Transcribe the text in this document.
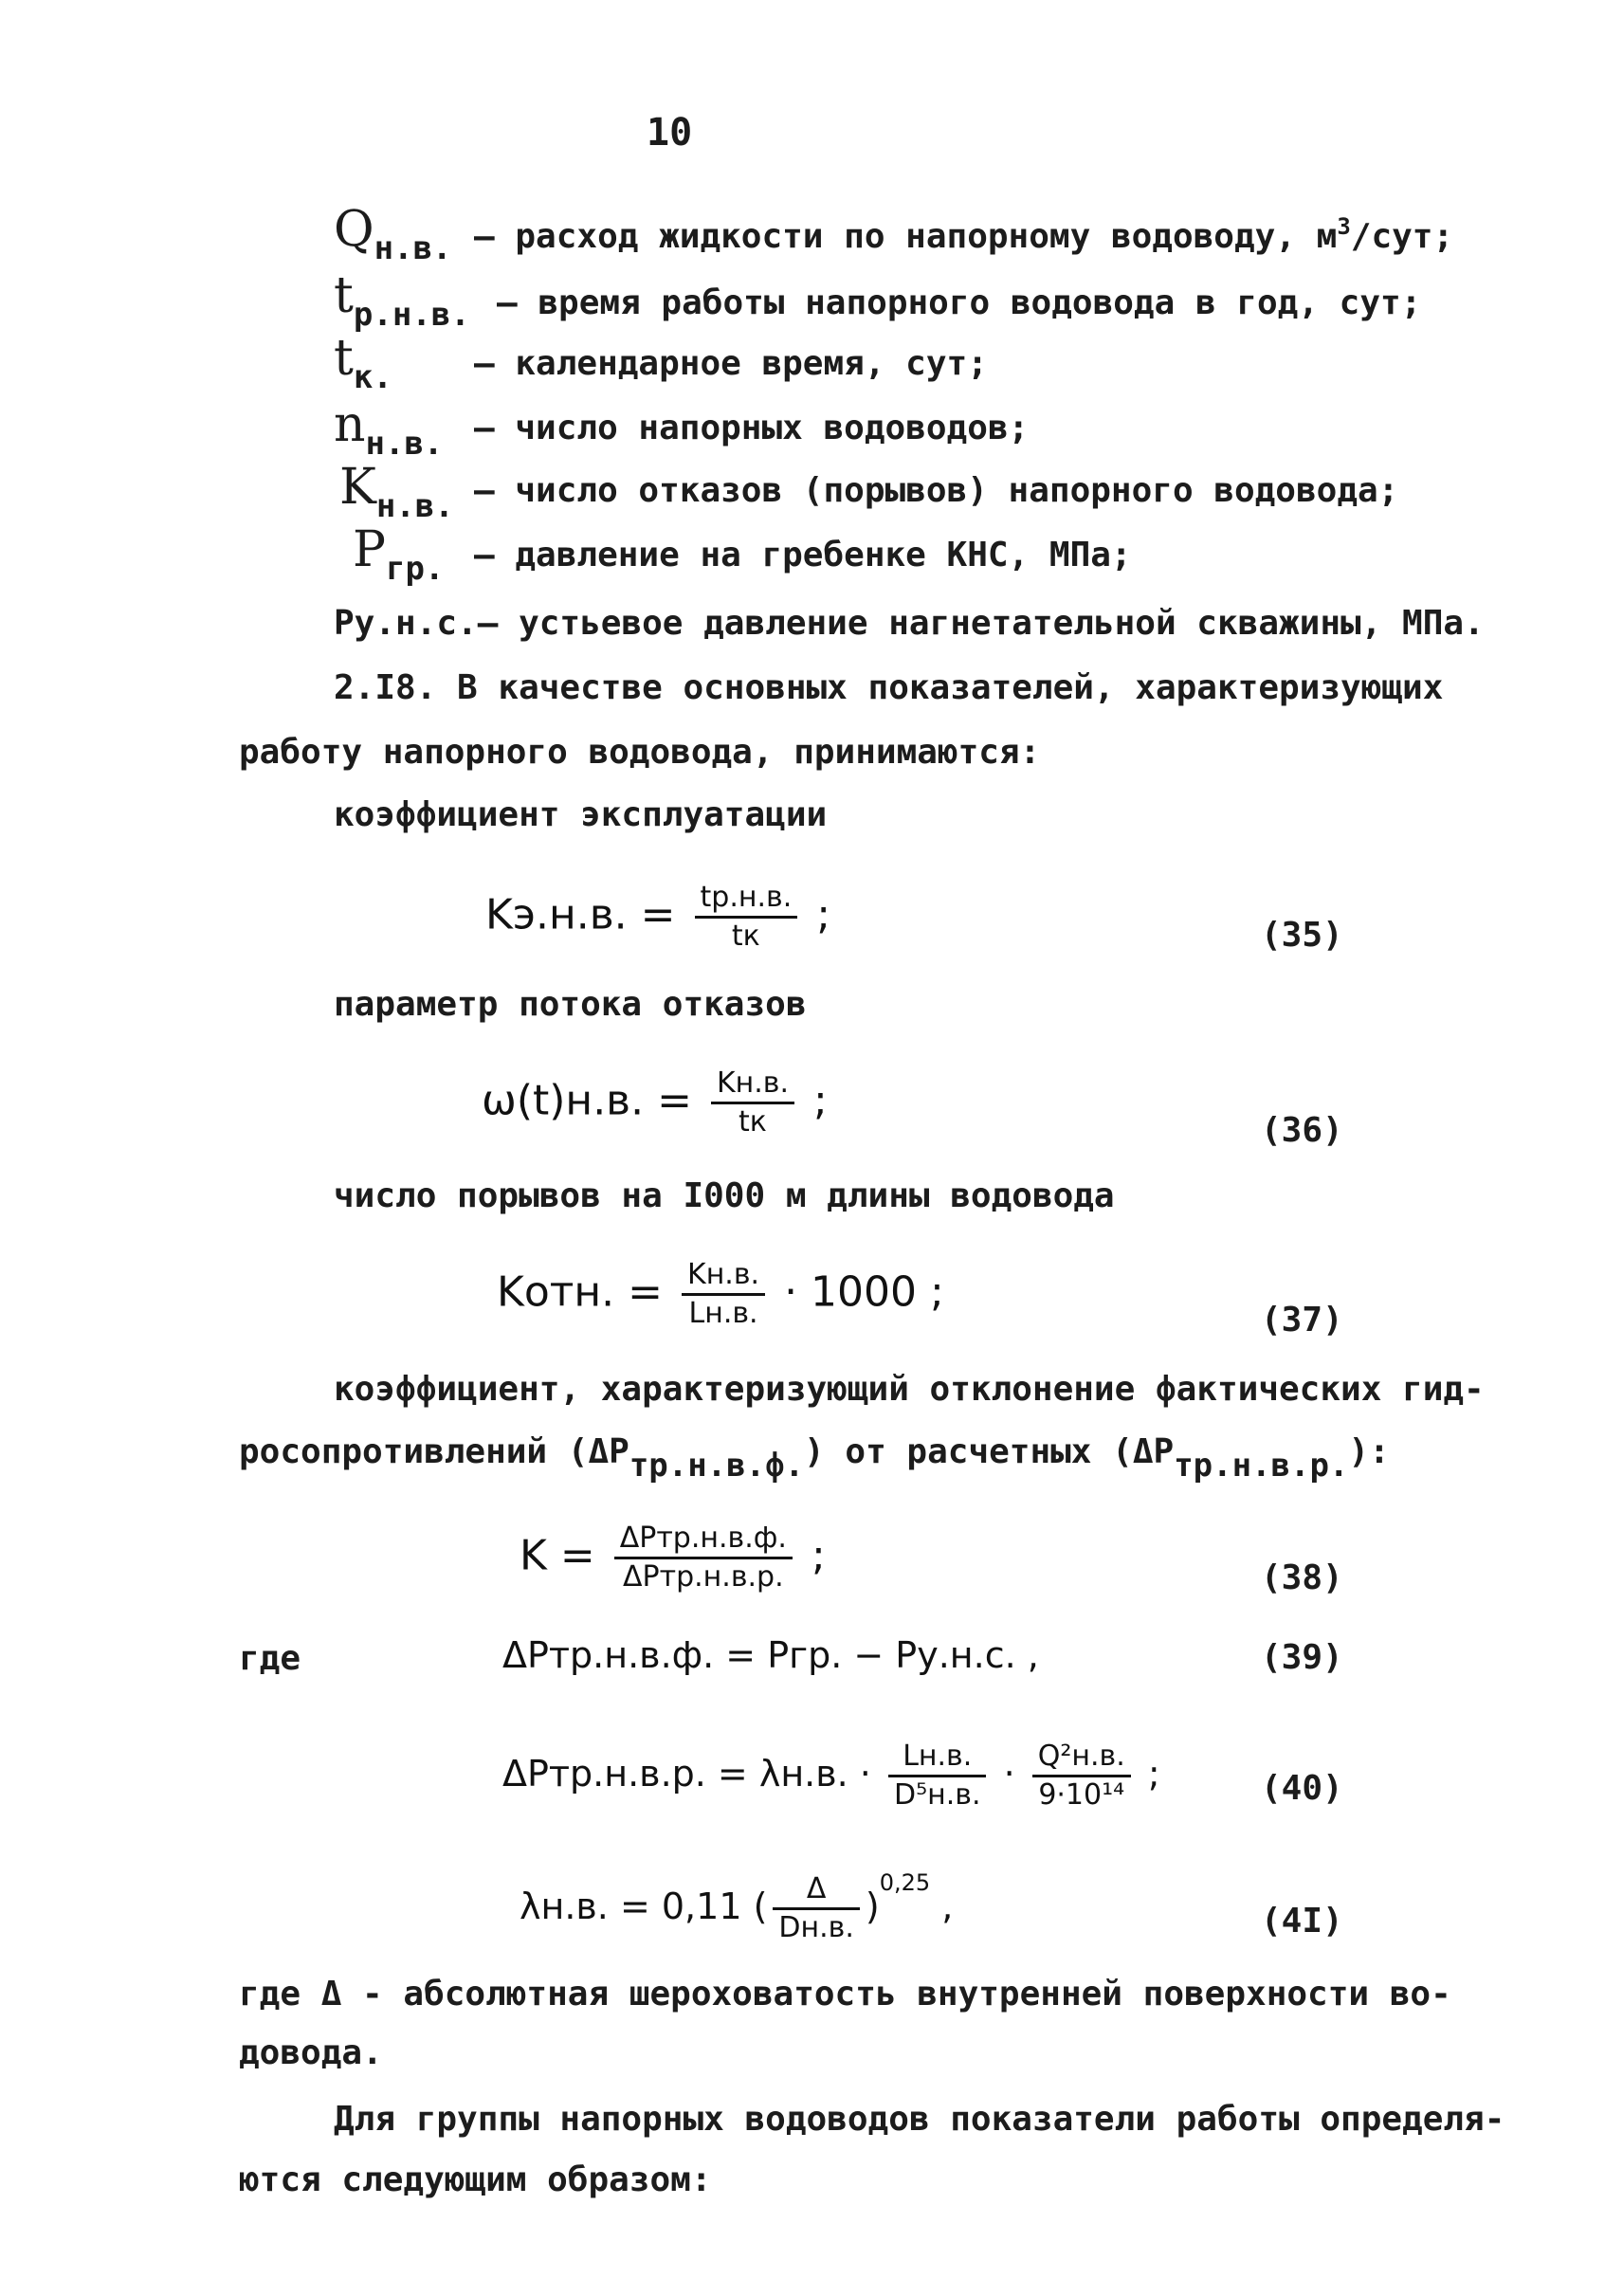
10
Qн.в. – расход жидкости по напорному водоводу, $м^3$/сут;
tр.н.в. – время работы напорного водовода в год, сут;
tк. – календарное время, сут;
nн.в. – число напорных водоводов;
Kн.в. – число отказов (порывов) напорного водовода;
Pгр. – давление на гребенке КНС, МПа;
Ру.н.с.– устьевое давление нагнетательной скважины, МПа.
2.I8. В качестве основных показателей, характеризующих
работу напорного водовода, принимаются:
коэффициент эксплуатации
Kэ.н.в. = $\frac{tр.н.в.}{tк}$ ;	(35)
параметр потока отказов
ω(t)н.в. = $\frac{Kн.в.}{tк}$ ;
(36)
число порывов на I000 м длины водовода
Kотн. = $\frac{Kн.в.}{Lн.в.} \cdot 1000$ ;
(37)
коэффициент, характеризующий отклонение фактических гид-
росопротивлений (ΔPтр.н.в.ф.) от расчетных (ΔPтр.н.в.р.):
$K = \frac{\text{ΔPтр.н.в.ф.}}{\text{ΔPтр.н.в.р.}}$ ;	(38)
где	ΔPтр.н.в.ф. = Pгр. − Pу.н.с. ,	(39)
ΔPтр.н.в.р. = λн.в. · $\frac{Lн.в.}{\text{D⁵н.в.}} \cdot \frac{\text{Q²н.в.}}{\text{9·10¹⁴}}$ ;	(40)
λн.в. = 0,11 ( $\frac{\Delta}{Dн.в.} )^{0,25}$ ,	(4I)
где Δ - абсолютная шероховатость внутренней поверхности во-
довода.
Для группы напорных водоводов показатели работы определя-
ются следующим образом:
